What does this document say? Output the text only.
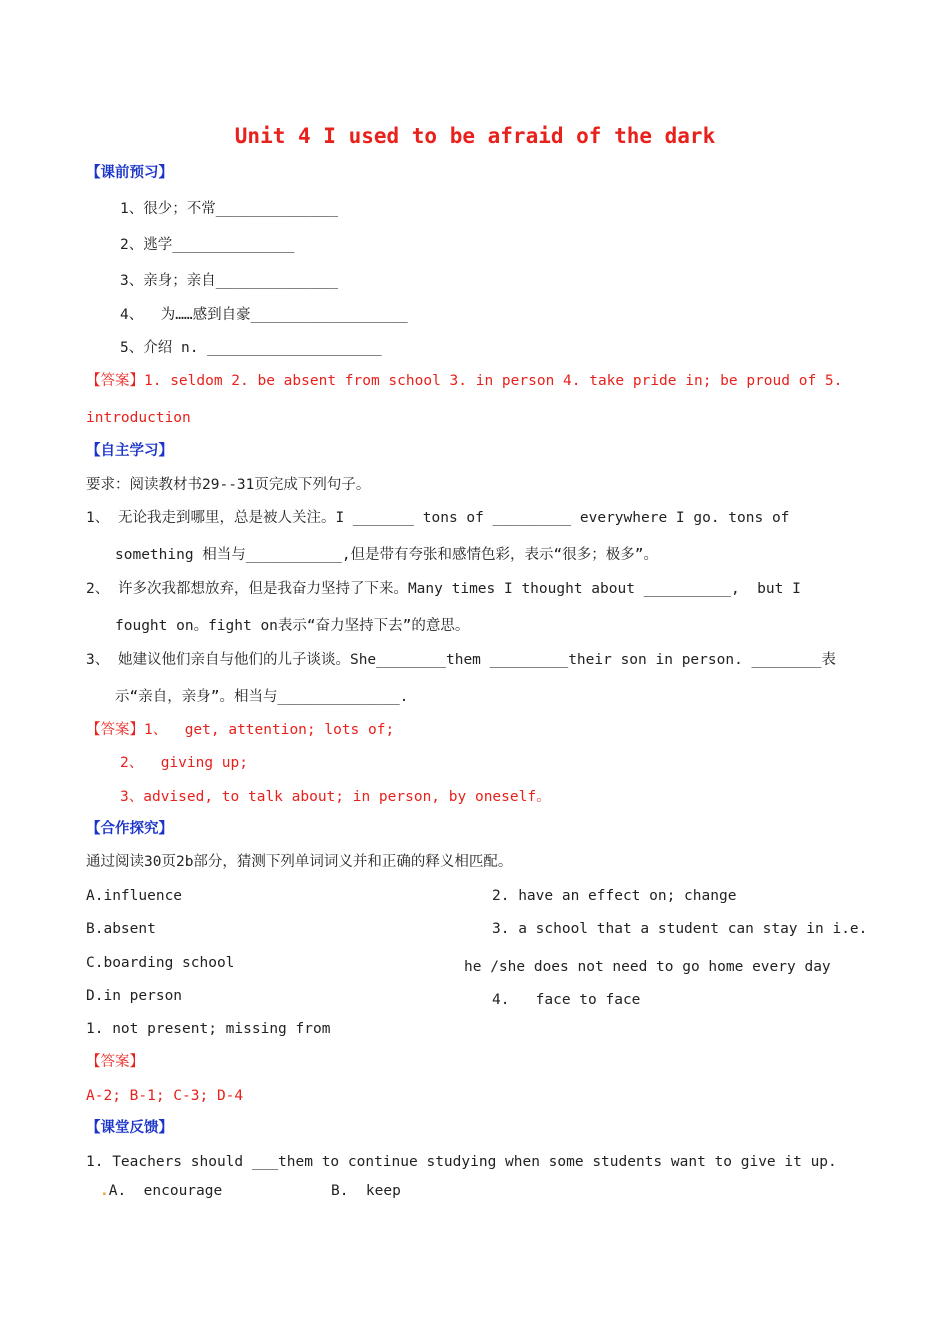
Unit 4 I used to be afraid of the dark
【课前预习】
1、很少；不常______________
2、逃学______________
3、亲身；亲自______________
4、  为……感到自豪__________________
5、介绍 n. ____________________
【答案】1. seldom 2. be absent from school 3. in person 4. take pride in; be proud of 5.
introduction
【自主学习】
要求：阅读教材书29--31页完成下列句子。
1、 无论我走到哪里，总是被人关注。I _______ tons of _________ everywhere I go. tons of
something 相当与___________,但是带有夸张和感情色彩，表示“很多；极多”。
2、 许多次我都想放弃，但是我奋力坚持了下来。Many times I thought about __________,  but I
fought on。fight on表示“奋力坚持下去”的意思。
3、 她建议他们亲自与他们的儿子谈谈。She________them _________their son in person. ________表
示“亲自，亲身”。相当与______________.
【答案】1、  get, attention; lots of;
2、  giving up;
3、advised, to talk about; in person, by oneself。
【合作探究】
通过阅读30页2b部分，猜测下列单词词义并和正确的释义相匹配。
A.influence	2. have an effect on; change
B.absent	3. a school that a student can stay in i.e.
C.boarding school	he /she does not need to go home every day
D.in person	4.   face to face
1. not present; missing from
【答案】
A-2; B-1; C-3; D-4
【课堂反馈】
1. Teachers should ___them to continue studying when some students want to give it up.
.A.  encourage	B.  keep
